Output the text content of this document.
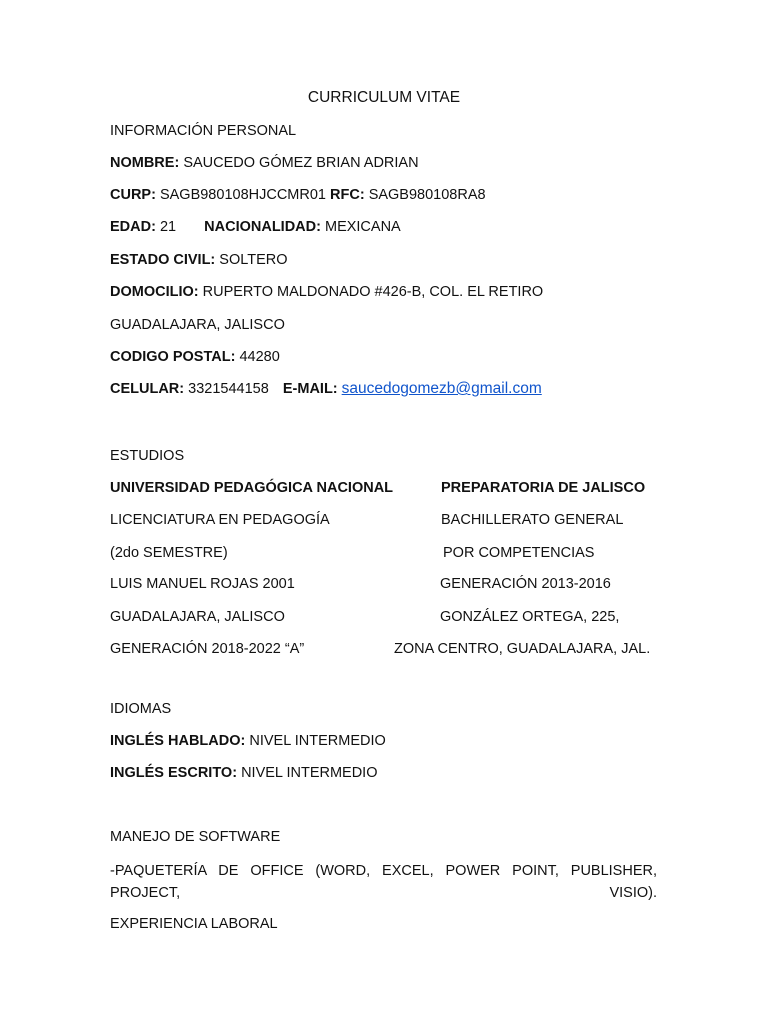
CURRICULUM VITAE
INFORMACIÓN PERSONAL
NOMBRE: SAUCEDO GÓMEZ BRIAN ADRIAN
CURP: SAGB980108HJCCMR01 RFC: SAGB980108RA8
EDAD: 21 NACIONALIDAD: MEXICANA
ESTADO CIVIL: SOLTERO
DOMOCILIO: RUPERTO MALDONADO #426-B, COL. EL RETIRO
GUADALAJARA, JALISCO
CODIGO POSTAL: 44280
CELULAR: 3321544158 E-MAIL: saucedogomezb@gmail.com
ESTUDIOS
UNIVERSIDAD PEDAGÓGICA NACIONAL
LICENCIATURA EN PEDAGOGÍA
(2do SEMESTRE)
LUIS MANUEL ROJAS 2001
GUADALAJARA, JALISCO
GENERACIÓN 2018-2022 “A”
PREPARATORIA DE JALISCO
BACHILLERATO GENERAL
POR COMPETENCIAS
GENERACIÓN 2013-2016
GONZÁLEZ ORTEGA, 225,
ZONA CENTRO, GUADALAJARA, JAL.
IDIOMAS
INGLÉS HABLADO: NIVEL INTERMEDIO
INGLÉS ESCRITO: NIVEL INTERMEDIO
MANEJO DE SOFTWARE
-PAQUETERÍA DE OFFICE (WORD, EXCEL, POWER POINT, PUBLISHER, PROJECT, VISIO).
EXPERIENCIA LABORAL
